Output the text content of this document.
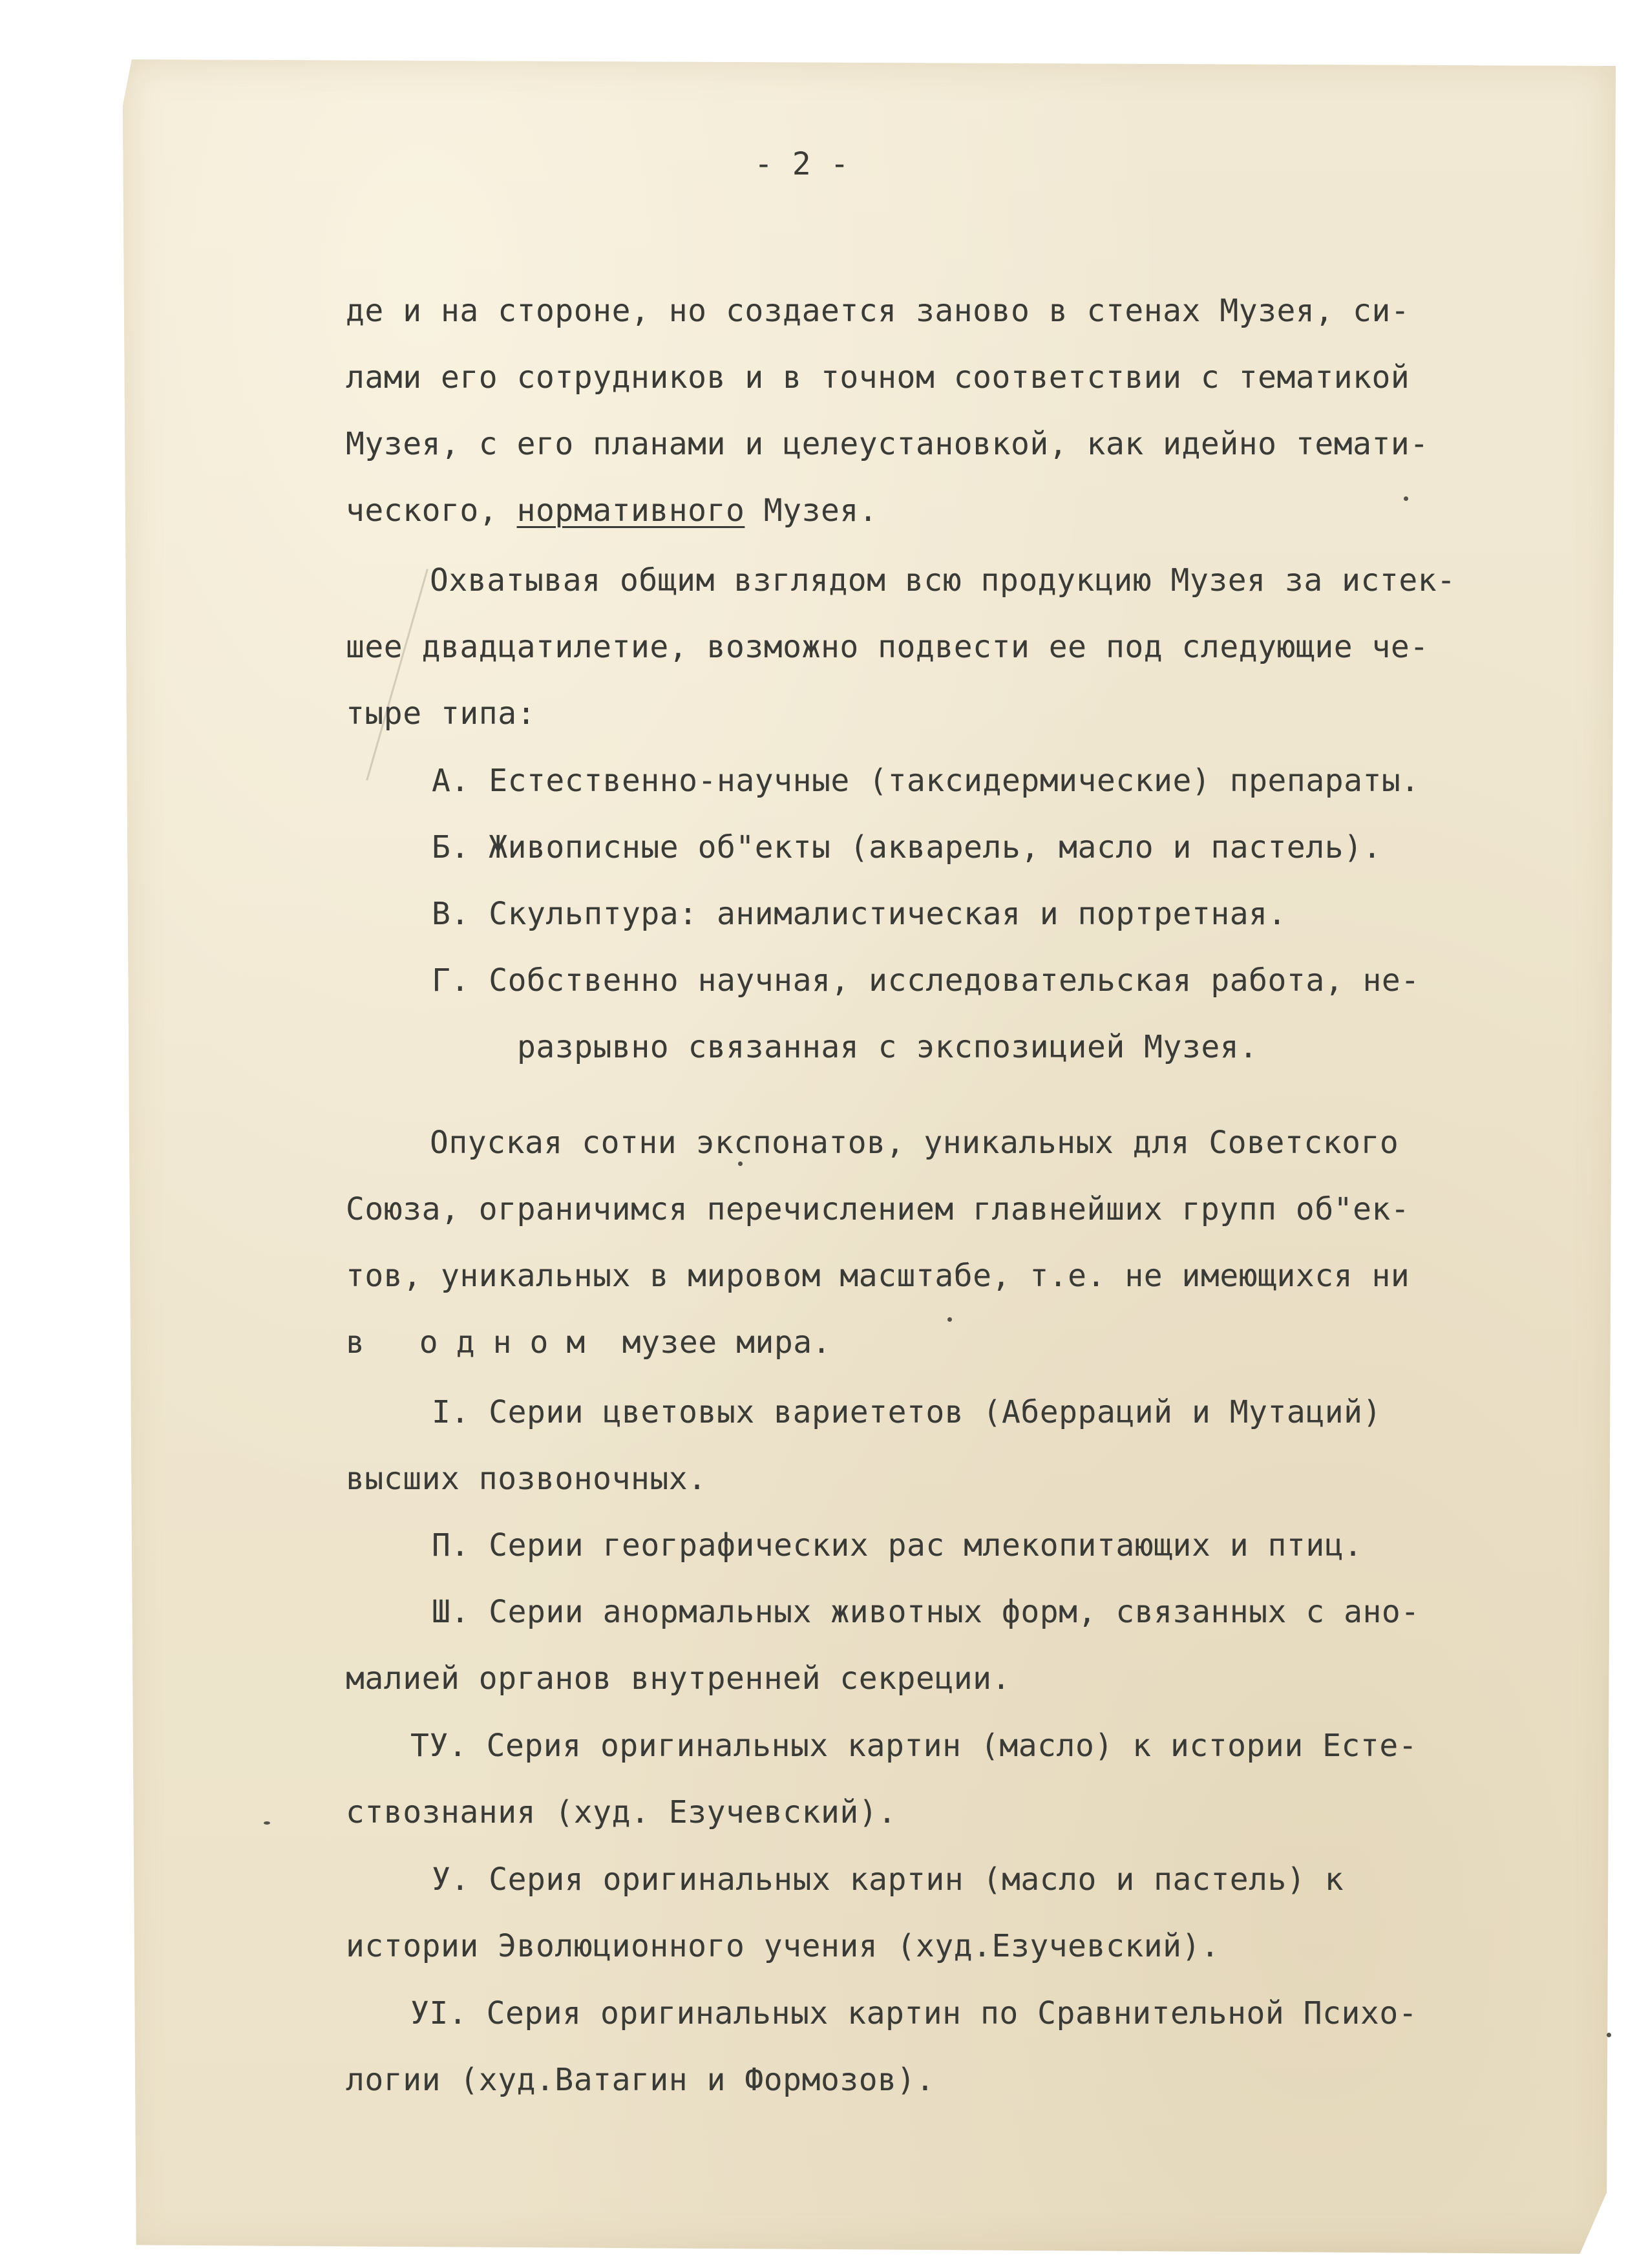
- 2 -
де и на стороне, но создается заново в стенах Музея, си-
лами его сотрудников и в точном соответствии с тематикой
Музея, с его планами и целеустановкой, как идейно темати-
ческого, нормативного Музея.
Охватывая общим взглядом всю продукцию Музея за истек-
шее двадцатилетие, возможно подвести ее под следующие че-
тыре типа:
А. Естественно-научные (таксидермические) препараты.
Б. Живописные об"екты (акварель, масло и пастель).
В. Скульптура: анималистическая и портретная.
Г. Собственно научная, исследовательская работа, не-
разрывно связанная с экспозицией Музея.
Опуская сотни экспонатов, уникальных для Советского
Союза, ограничимся перечислением главнейших групп об"ек-
тов, уникальных в мировом масштабе, т.е. не имеющихся ни
в одном музее мира.
I. Серии цветовых вариететов (Аберраций и Мутаций)
высших позвоночных.
П. Серии географических рас млекопитающих и птиц.
Ш. Серии анормальных животных форм, связанных с ано-
малией органов внутренней секреции.
ТУ. Серия оригинальных картин (масло) к истории Есте-
ствознания (худ. Езучевский).
У. Серия оригинальных картин (масло и пастель) к
истории Эволюционного учения (худ.Езучевский).
УI. Серия оригинальных картин по Сравнительной Психо-
логии (худ.Ватагин и Формозов).
